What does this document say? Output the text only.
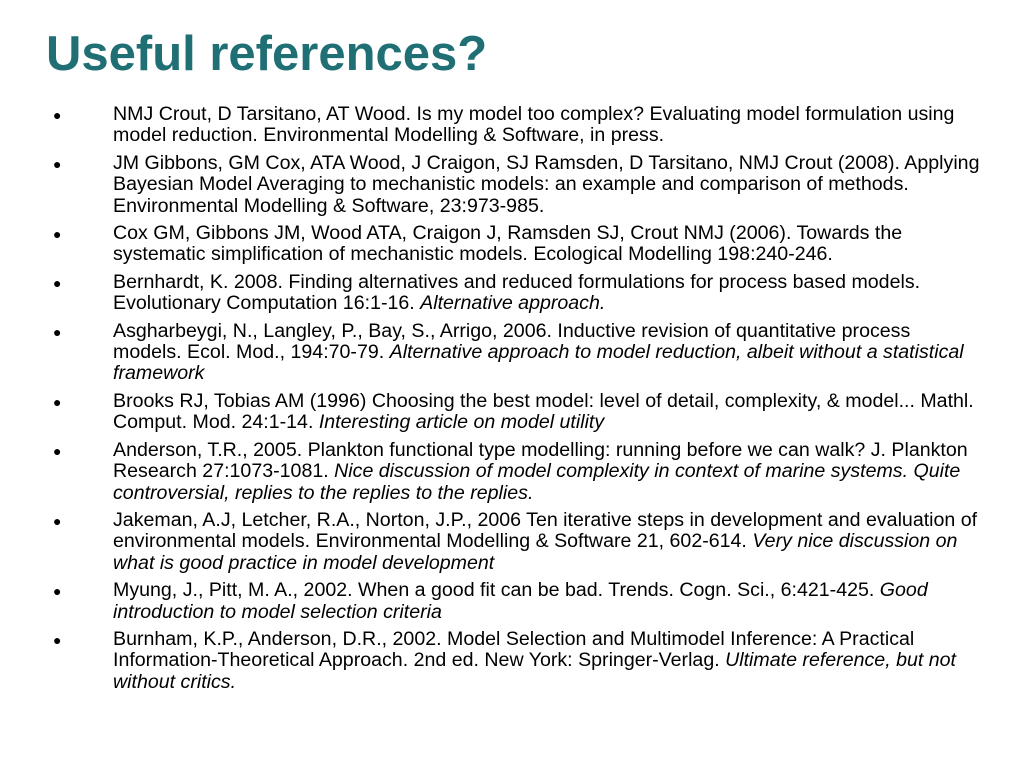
Useful references?
●	NMJ Crout, D Tarsitano, AT Wood. Is my model too complex? Evaluating model formulation using model reduction. Environmental Modelling & Software, in press.
●	JM Gibbons, GM Cox, ATA Wood, J Craigon, SJ Ramsden, D Tarsitano, NMJ Crout (2008). Applying Bayesian Model Averaging to mechanistic models: an example and comparison of methods. Environmental Modelling & Software, 23:973-985.
●	Cox GM, Gibbons JM, Wood ATA, Craigon J, Ramsden SJ, Crout NMJ (2006). Towards the systematic simplification of mechanistic models. Ecological Modelling 198:240-246.
●	Bernhardt, K. 2008. Finding alternatives and reduced formulations for process based models. Evolutionary Computation 16:1-16. Alternative approach.
●	Asgharbeygi, N., Langley, P., Bay, S., Arrigo, 2006. Inductive revision of quantitative process models. Ecol. Mod., 194:70-79. Alternative approach to model reduction, albeit without a statistical framework
●	Brooks RJ, Tobias AM (1996) Choosing the best model: level of detail, complexity, & model... Mathl. Comput. Mod. 24:1-14. Interesting article on model utility
●	Anderson, T.R., 2005. Plankton functional type modelling: running before we can walk? J. Plankton Research 27:1073-1081. Nice discussion of model complexity in context of marine systems. Quite controversial, replies to the replies to the replies.
●	Jakeman, A.J, Letcher, R.A., Norton, J.P., 2006 Ten iterative steps in development and evaluation of environmental models. Environmental Modelling & Software 21, 602-614. Very nice discussion on what is good practice in model development
●	Myung, J., Pitt, M. A., 2002. When a good fit can be bad. Trends. Cogn. Sci., 6:421-425. Good introduction to model selection criteria
●	Burnham, K.P., Anderson, D.R., 2002. Model Selection and Multimodel Inference: A Practical Information-Theoretical Approach. 2nd ed. New York: Springer-Verlag. Ultimate reference, but not without critics.
